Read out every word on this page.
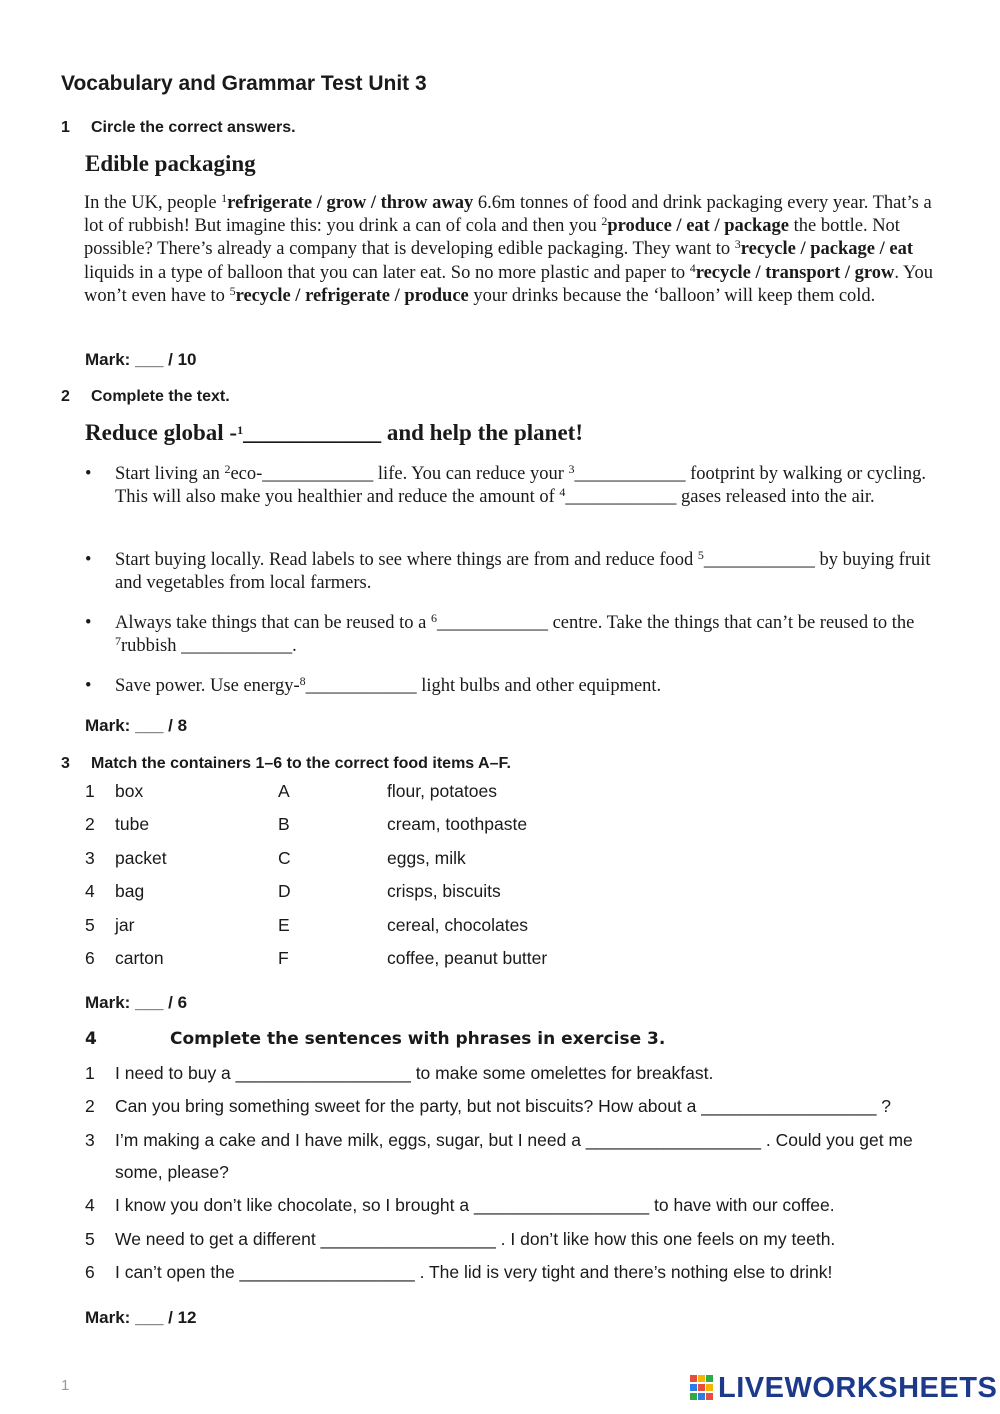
Vocabulary and Grammar Test Unit 3
1 Circle the correct answers.
Edible packaging
In the UK, people $^1$refrigerate / grow / throw away 6.6m tonnes of food and drink packaging every year. That’s a lot of rubbish! But imagine this: you drink a can of cola and then you $^2$produce / eat / package the bottle. Not possible? There’s already a company that is developing edible packaging. They want to $^3$recycle / package / eat liquids in a type of balloon that you can later eat. So no more plastic and paper to $^4$recycle / transport / grow. You won’t even have to $^5$recycle / refrigerate / produce your drinks because the ‘balloon’ will keep them cold.
Mark: ___ / 10
2 Complete the text.
Reduce global -$^1$____________ and help the planet!
• Start living an $^2$eco-____________ life. You can reduce your $^3$____________ footprint by walking or cycling. This will also make you healthier and reduce the amount of $^4$____________ gases released into the air.
• Start buying locally. Read labels to see where things are from and reduce food $^5$____________ by buying fruit and vegetables from local farmers.
• Always take things that can be reused to a $^6$____________ centre. Take the things that can’t be reused to the $^7$rubbish ____________.
• Save power. Use energy-$^8$____________ light bulbs and other equipment.
Mark: ___ / 8
3 Match the containers 1–6 to the correct food items A–F.
1 box	A	flour, potatoes
2 tube	B	cream, toothpaste
3 packet	C	eggs, milk
4 bag	D	crisps, biscuits
5 jar	E	cereal, chocolates
6 carton	F	coffee, peanut butter
Mark: ___ / 6
4	Complete the sentences with phrases in exercise 3.
1 I need to buy a __________________ to make some omelettes for breakfast.
2 Can you bring something sweet for the party, but not biscuits? How about a __________________ ?
3 I’m making a cake and I have milk, eggs, sugar, but I need a __________________ . Could you get me some, please?
4 I know you don’t like chocolate, so I brought a __________________ to have with our coffee.
5 We need to get a different __________________ . I don’t like how this one feels on my teeth.
6 I can’t open the __________________ . The lid is very tight and there’s nothing else to drink!
Mark: ___ / 12
1	LIVEWORKSHEETS
